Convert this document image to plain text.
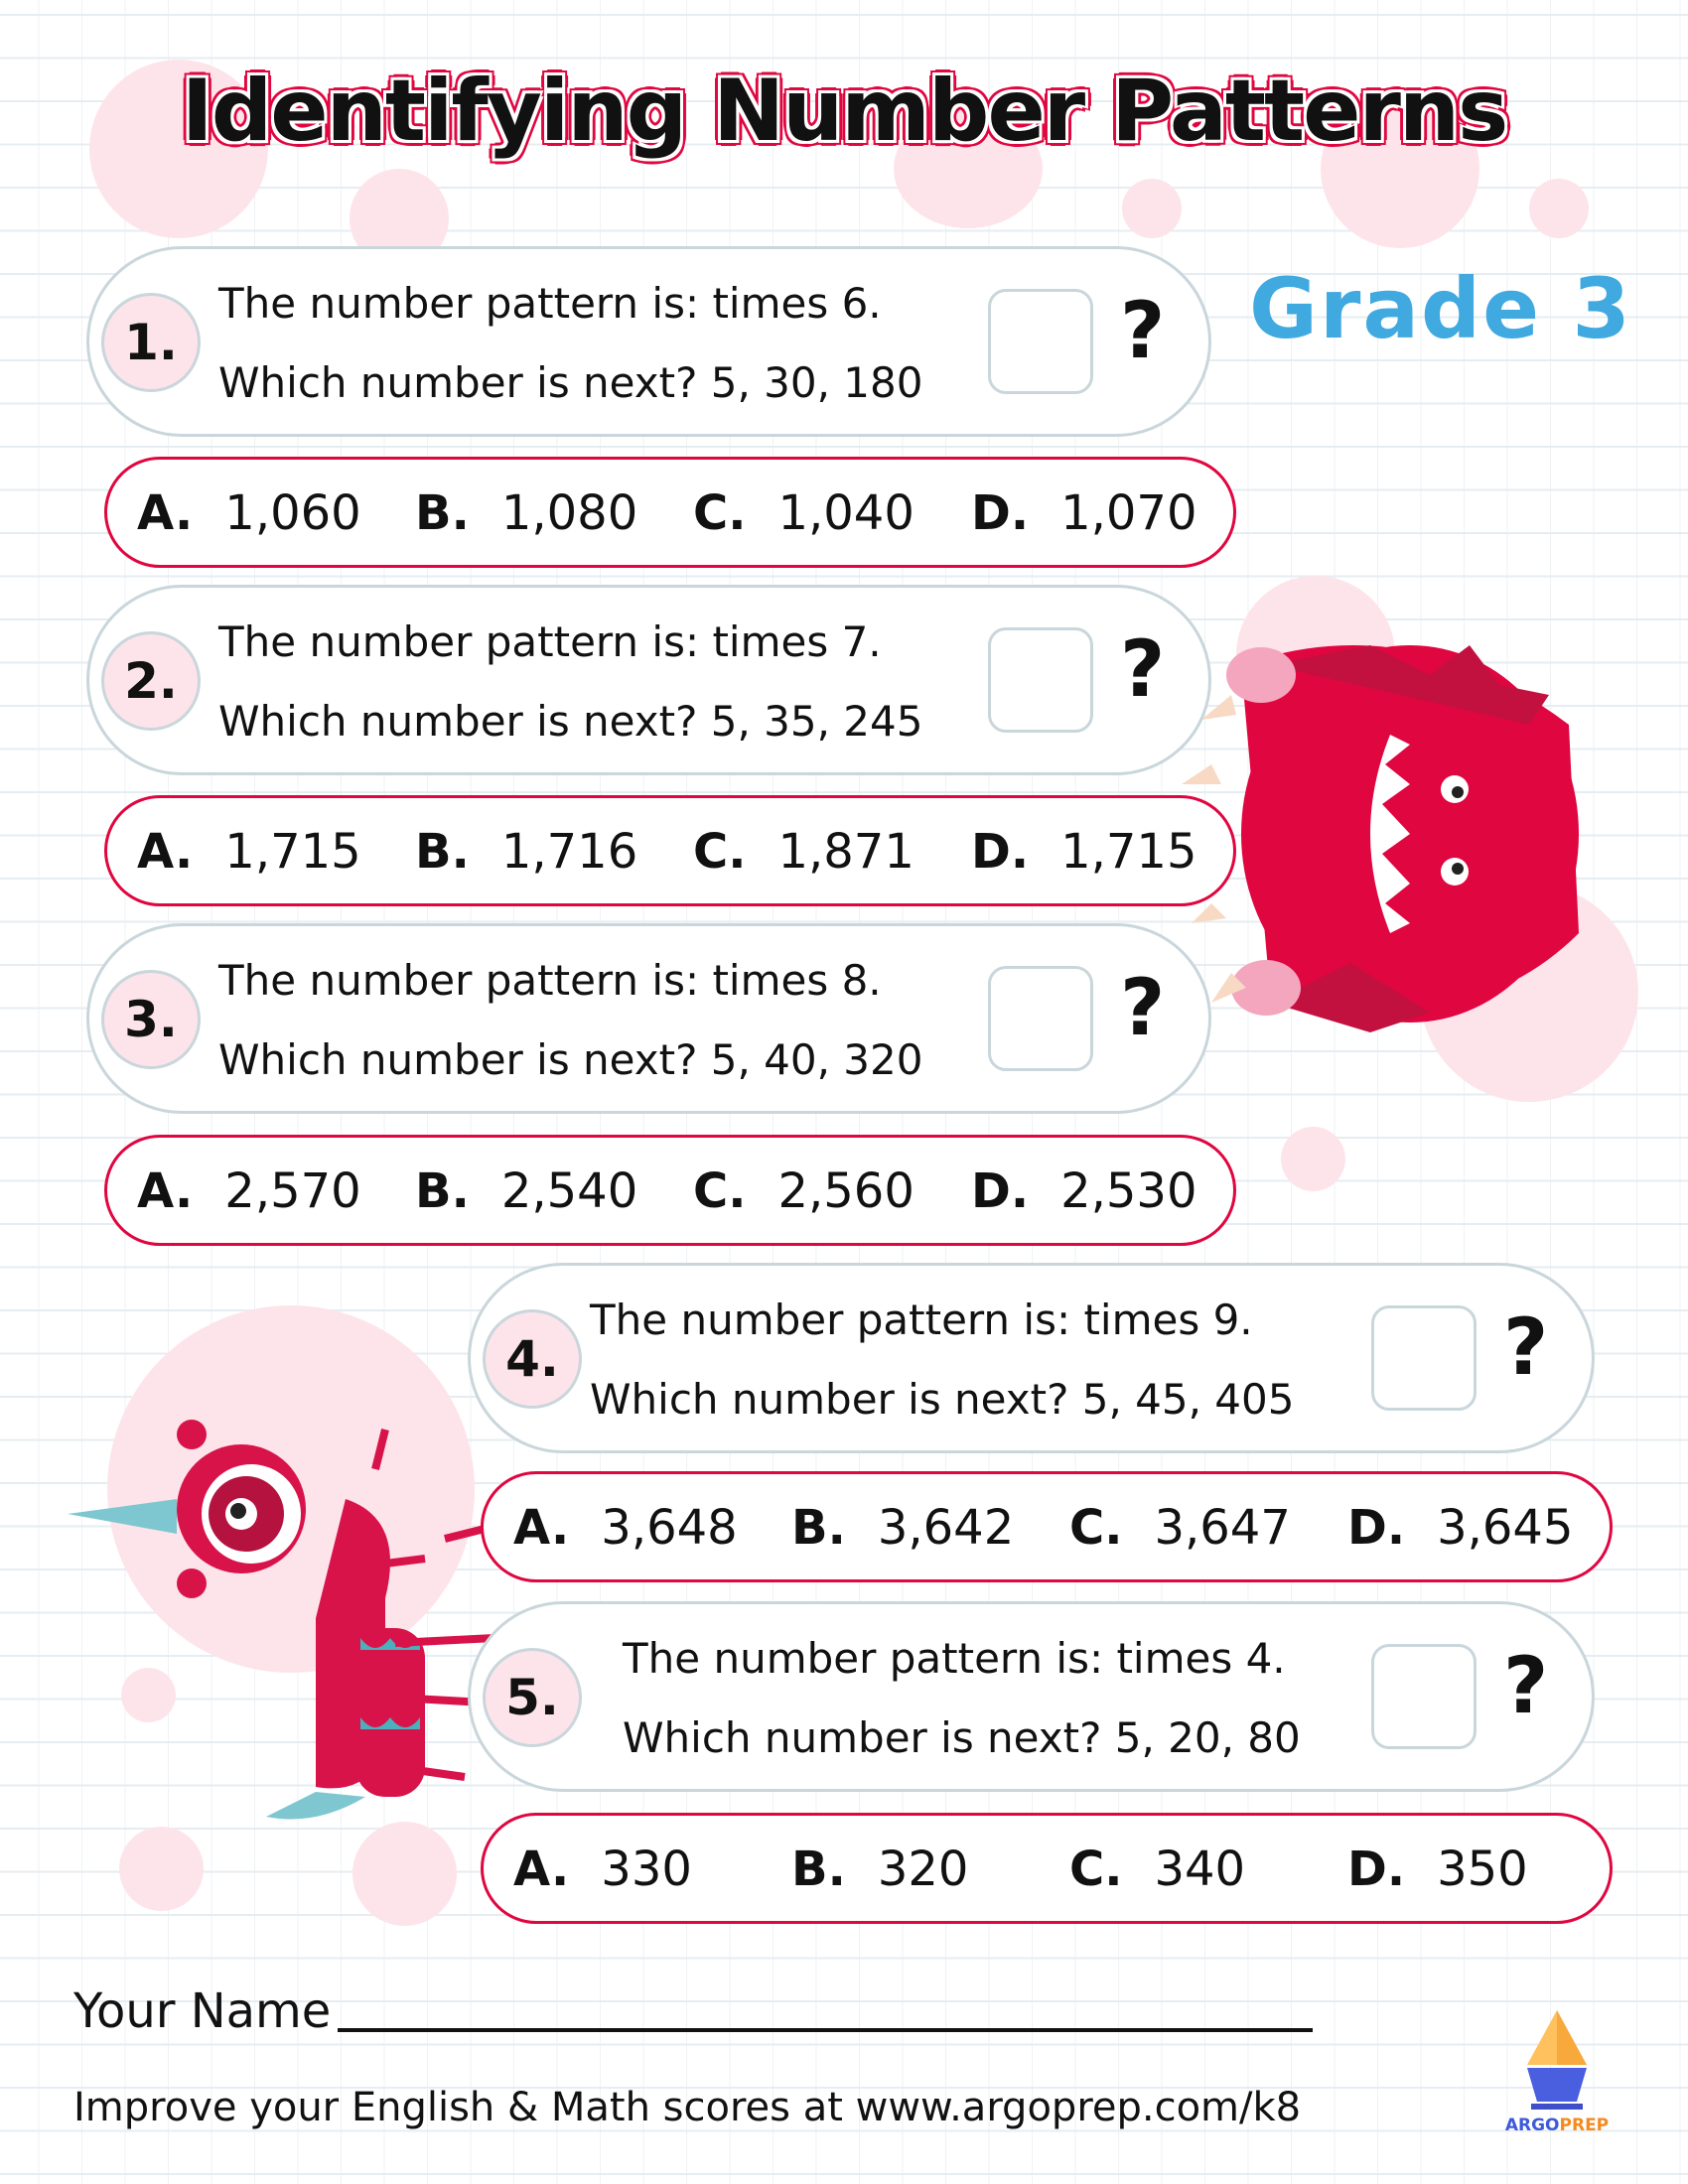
Identifying Number Patterns
Grade 3
1.
The number pattern is: times 6.
Which number is next? 5, 30, 180
?
A. 1,060 B. 1,080 C. 1,040 D. 1,070
2.
The number pattern is: times 7.
Which number is next? 5, 35, 245
?
A. 1,715 B. 1,716 C. 1,871 D. 1,715
3.
The number pattern is: times 8.
Which number is next? 5, 40, 320
?
A. 2,570 B. 2,540 C. 2,560 D. 2,530
4.
The number pattern is: times 9.
Which number is next? 5, 45, 405
?
A. 3,648 B. 3,642 C. 3,647 D. 3,645
5.
The number pattern is: times 4.
Which number is next? 5, 20, 80
?
A. 330 B. 320 C. 340 D. 350
Your Name
Improve your English & Math scores at www.argoprep.com/k8	ARGOPREP
